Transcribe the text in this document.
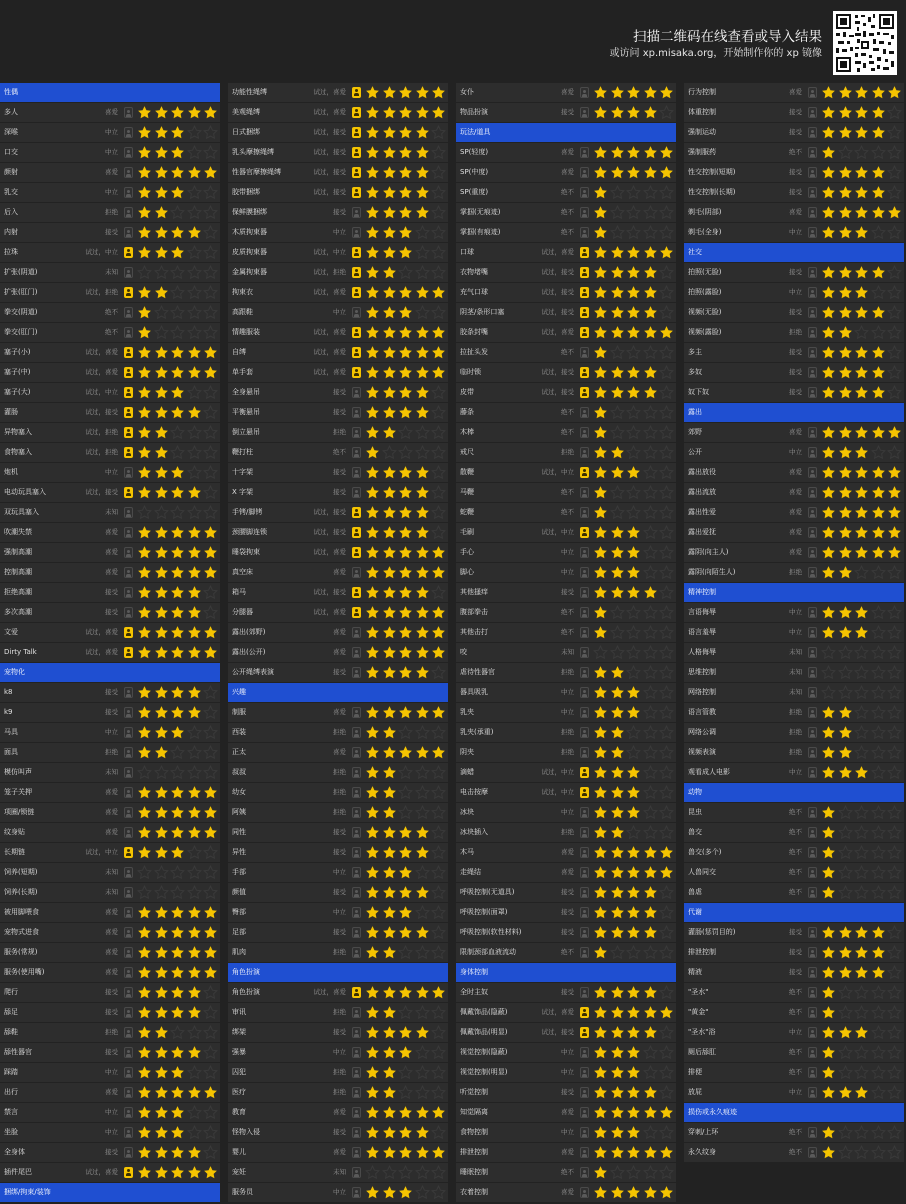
扫描二维码在线查看或导入结果
或访问 xp.misaka.org，开始制作你的 xp 镜像
性偶
多人	喜爱
深喉	中立
口交	中立
颜射	喜爱
乳交	中立
后入	拒绝
内射	接受
拉珠	试过，中立
扩张(阴道)	未知
扩张(肛门)	试过，拒绝
拳交(阴道)	绝不
拳交(肛门)	绝不
塞子(小)	试过，喜爱
塞子(中)	试过，喜爱
塞子(大)	试过，中立
灌肠	试过，接受
异物塞入	试过，拒绝
食物塞入	试过，拒绝
炮机	中立
电动玩具塞入	试过，接受
双玩具塞入	未知
吹潮失禁	喜爱
强制高潮	喜爱
控制高潮	喜爱
拒绝高潮	接受
多次高潮	接受
文爱	试过，喜爱
Dirty Talk	试过，喜爱
宠物化
k8	接受
k9	接受
马具	中立
面具	拒绝
模仿叫声	未知
笼子关押	喜爱
项圈/锁链	喜爱
纹身贴	喜爱
长期链	试过，中立
饲养(短期)	未知
饲养(长期)	未知
被用脚喂食	喜爱
宠物式进食	喜爱
服务(常规)	喜爱
服务(使用嘴)	喜爱
爬行	接受
舔足	接受
舔鞋	拒绝
舔性器官	接受
踩踏	中立
出行	喜爱
禁言	中立
坐脸	中立
全身体	接受
插件尾巴	试过，喜爱
捆绑/拘束/装饰
功能性绳缚	试过，喜爱
美观绳缚	试过，喜爱
日式捆绑	试过，接受
乳头摩擦绳缚	试过，接受
性器官摩擦绳缚	试过，接受
胶带捆绑	试过，接受
保鲜膜捆绑	接受
木质拘束器	中立
皮质拘束器	试过，中立
金属拘束器	试过，拒绝
拘束衣	试过，喜爱
高跟鞋	中立
情趣服装	试过，喜爱
自缚	试过，喜爱
单手套	试过，喜爱
全身悬吊	接受
平衡悬吊	接受
倒立悬吊	拒绝
鞭打柱	绝不
十字架	接受
X 字架	接受
手铐/脚铐	试过，接受
颈腰脚连锁	试过，接受
睡袋拘束	试过，喜爱
真空床	喜爱
箱马	试过，接受
分腿器	试过，喜爱
露出(郊野)	喜爱
露出(公开)	喜爱
公开绳缚表演	接受
兴趣
制服	喜爱
西装	拒绝
正太	喜爱
叔叔	拒绝
幼女	拒绝
阿姨	拒绝
同性	接受
异性	接受
手部	中立
颜值	接受
臀部	中立
足部	接受
肌肉	拒绝
角色扮演
角色扮演	试过，喜爱
审讯	拒绝
绑架	接受
强暴	中立
囚犯	拒绝
医疗	拒绝
教育	喜爱
怪物入侵	接受
婴儿	喜爱
宠妊	未知
服务员	中立
女仆	喜爱
物品扮演	接受
玩法/道具
SP(轻度)	喜爱
SP(中度)	喜爱
SP(重度)	绝不
掌掴(无痕迹)	绝不
掌掴(有痕迹)	绝不
口球	试过，喜爱
衣物堵嘴	试过，接受
充气口球	试过，接受
阴茎/条形口塞	试过，接受
胶条封嘴	试过，喜爱
拉扯头发	绝不
临时锁	试过，接受
皮带	试过，接受
藤条	绝不
木棒	绝不
戒尺	拒绝
散鞭	试过，中立
马鞭	绝不
蛇鞭	绝不
毛刷	试过，中立
手心	中立
脚心	中立
其他搔痒	接受
腹部拳击	绝不
其他击打	绝不
咬	未知
虐待性器官	拒绝
器具吸乳	中立
乳夹	中立
乳夹(承重)	拒绝
阴夹	拒绝
滴蜡	试过，中立
电击按摩	试过，中立
冰块	中立
冰块插入	拒绝
木马	喜爱
走绳结	喜爱
呼吸控制(无道具)	接受
呼吸控制(面罩)	接受
呼吸控制(软性材料)	接受
限制颈部血液流动	绝不
身体控制
全时主奴	接受
佩戴饰品(隐蔽)	试过，喜爱
佩戴饰品(明显)	试过，接受
视觉控制(隐蔽)	中立
视觉控制(明显)	中立
听觉控制	接受
知觉隔离	喜爱
食物控制	中立
排泄控制	喜爱
睡眠控制	绝不
衣着控制	喜爱
行为控制	喜爱
体重控制	接受
强制运动	接受
强制服药	绝不
性交控制(短期)	接受
性交控制(长期)	接受
剃毛(阴部)	喜爱
剃毛(全身)	中立
社交
拍照(无脸)	接受
拍照(露脸)	中立
视频(无脸)	接受
视频(露脸)	拒绝
多主	接受
多奴	接受
奴下奴	接受
露出
郊野	喜爱
公开	中立
露出放役	喜爱
露出流放	喜爱
露出性爱	喜爱
露出爱抚	喜爱
露阴(向主人)	喜爱
露阴(向陌生人)	拒绝
精神控制
言语侮辱	中立
语言羞辱	中立
人格侮辱	未知
思维控制	未知
网络控制	未知
语言管教	拒绝
网络公调	拒绝
视频表演	拒绝
观看成人电影	中立
动物
昆虫	绝不
兽交	绝不
兽交(多个)	绝不
人兽同交	绝不
兽虐	绝不
代谢
灌肠(惩罚目的)	接受
排泄控制	接受
精液	接受
"圣水"	绝不
"黄金"	绝不
"圣水"浴	中立
厕后舔肛	绝不
排便	绝不
放屁	中立
损伤或永久痕迹
穿刺/上环	绝不
永久纹身	绝不
